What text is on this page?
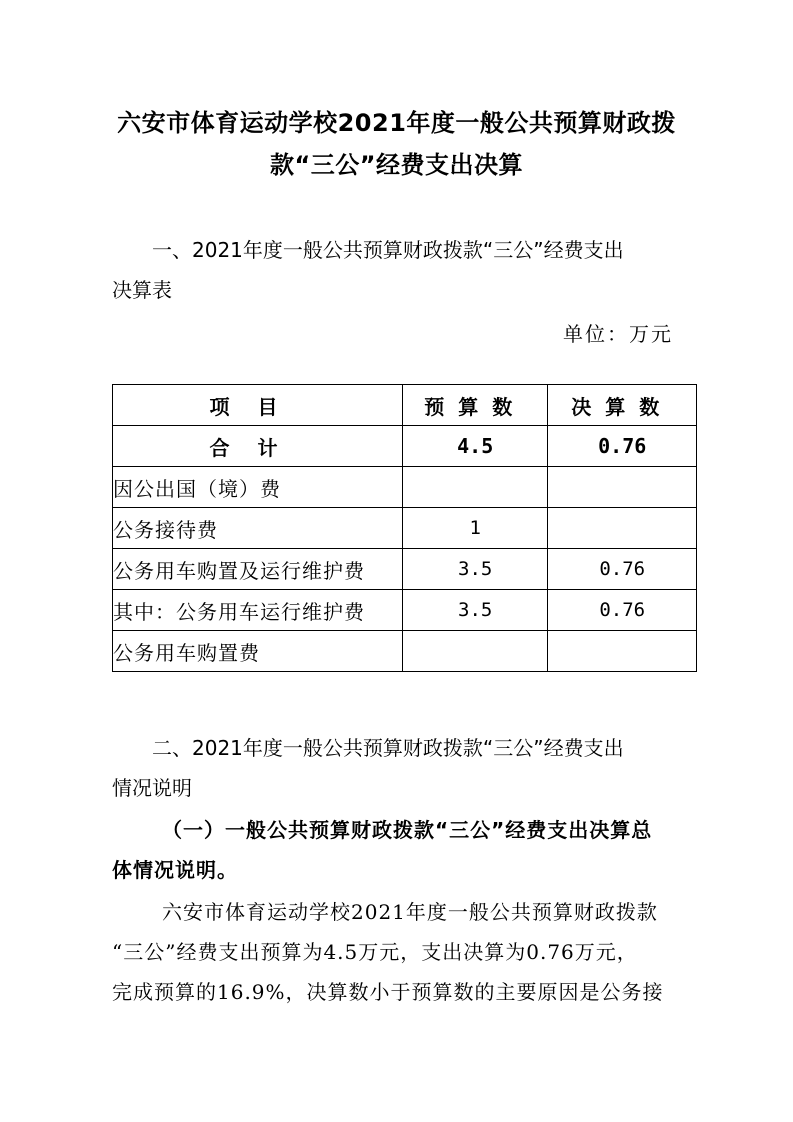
六安市体育运动学校2021年度一般公共预算财政拨
款“三公”经费支出决算
一、2021年度一般公共预算财政拨款“三公”经费支出
决算表
单位：万元
项目	预算数	决算数
合计	4.5	0.76
因公出国（境）费		
公务接待费	1	
公务用车购置及运行维护费	3.5	0.76
其中：公务用车运行维护费	3.5	0.76
公务用车购置费		
二、2021年度一般公共预算财政拨款“三公”经费支出
情况说明
（一）一般公共预算财政拨款“三公”经费支出决算总
体情况说明。
六安市体育运动学校2021年度一般公共预算财政拨款
“三公”经费支出预算为4.5万元，支出决算为0.76万元，
完成预算的16.9%，决算数小于预算数的主要原因是公务接
